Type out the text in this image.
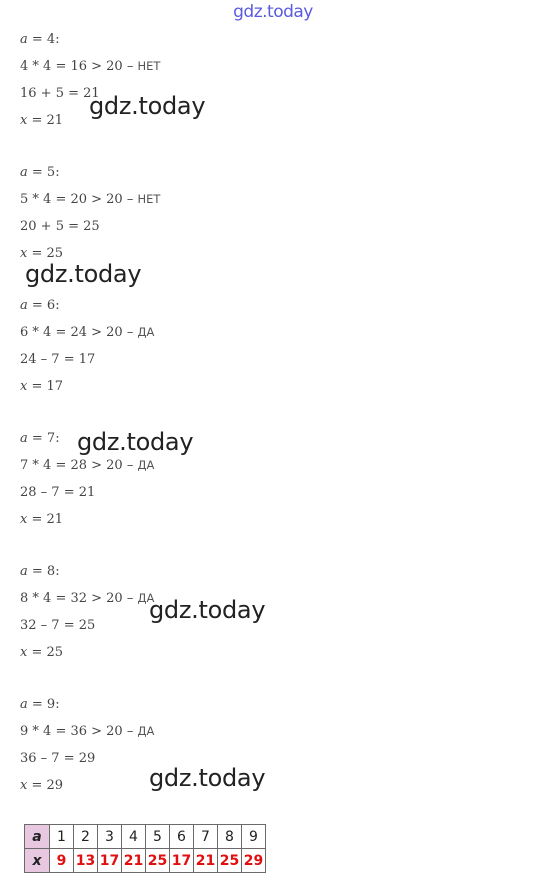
gdz.today
a = 4:
4 * 4 = 16 > 20 – НЕТ
16 + 5 = 21
x = 21
a = 5:
5 * 4 = 20 > 20 – НЕТ
20 + 5 = 25
x = 25
a = 6:
6 * 4 = 24 > 20 – ДА
24 – 7 = 17
x = 17
a = 7:
7 * 4 = 28 > 20 – ДА
28 – 7 = 21
x = 21
a = 8:
8 * 4 = 32 > 20 – ДА
32 – 7 = 25
x = 25
a = 9:
9 * 4 = 36 > 20 – ДА
36 – 7 = 29
x = 29
gdz.today
gdz.today
gdz.today
gdz.today
gdz.today
a	1	2	3	4	5	6	7	8	9
x	9	13	17	21	25	17	21	25	29
